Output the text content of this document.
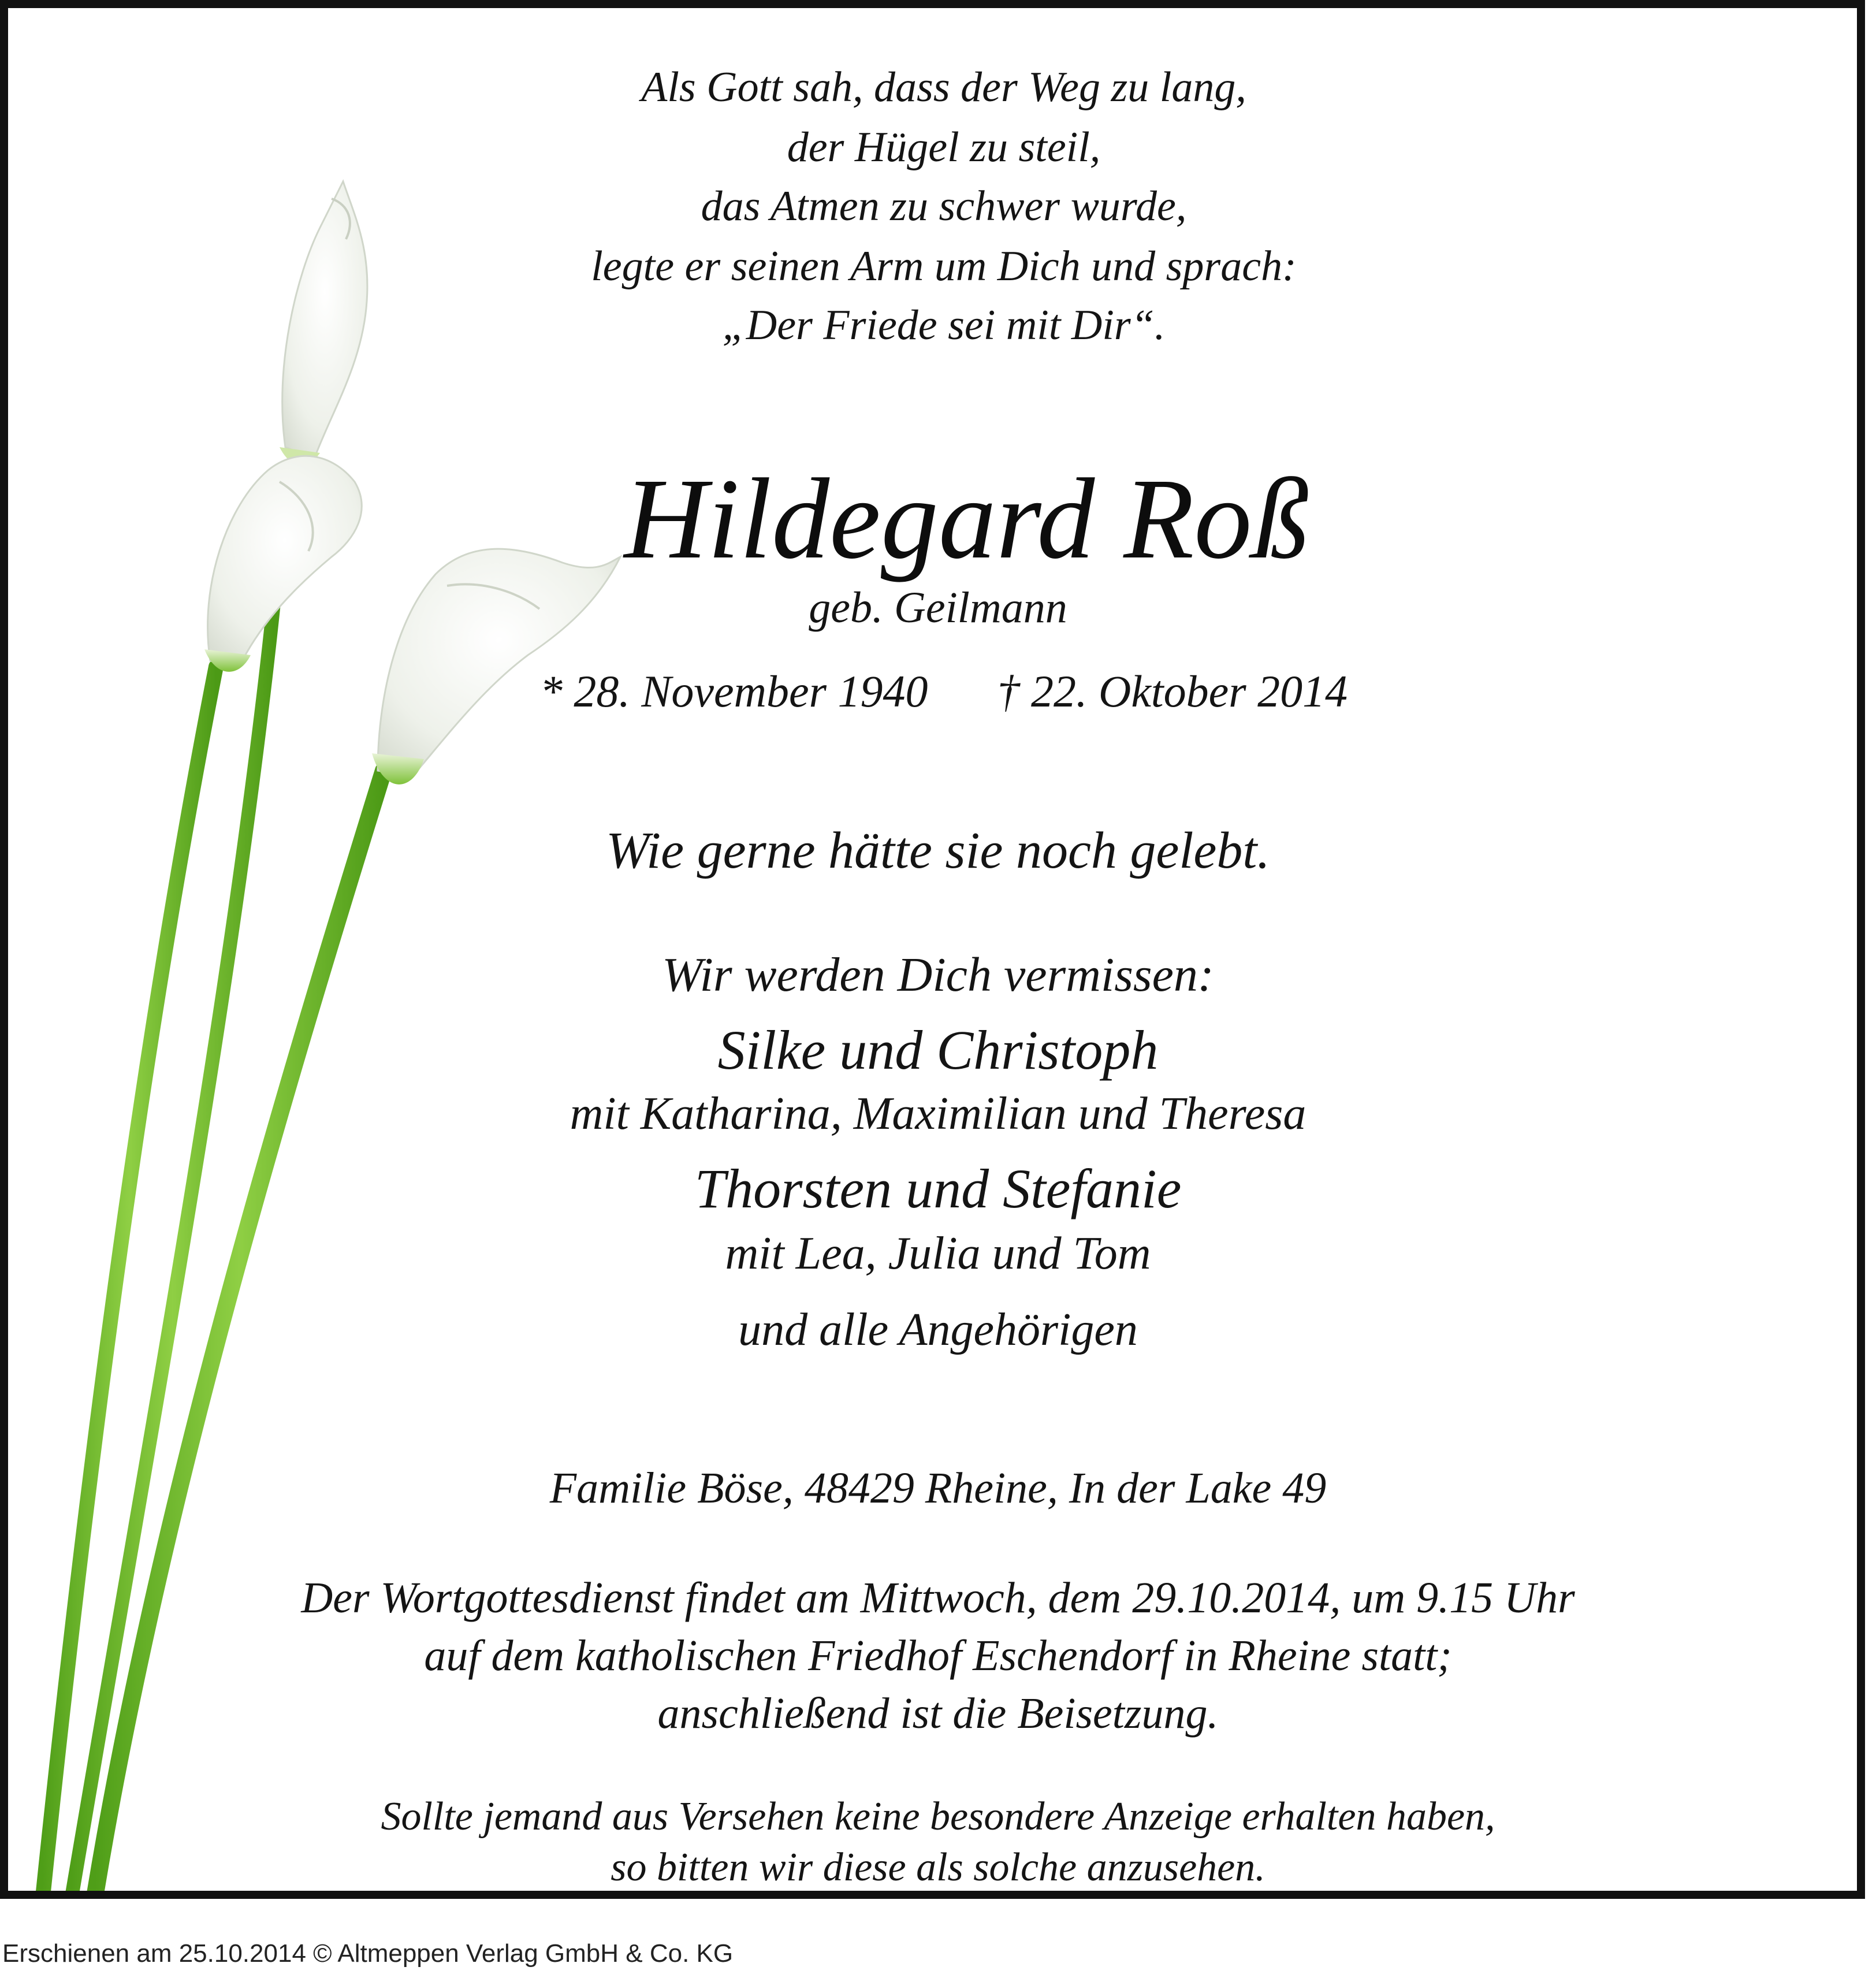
Als Gott sah, dass der Weg zu lang,
der Hügel zu steil,
das Atmen zu schwer wurde,
legte er seinen Arm um Dich und sprach:
„Der Friede sei mit Dir“.
Hildegard Roß
geb. Geilmann
* 28. November 1940 † 22. Oktober 2014
Wie gerne hätte sie noch gelebt.
Wir werden Dich vermissen:
Silke und Christoph
mit Katharina, Maximilian und Theresa
Thorsten und Stefanie
mit Lea, Julia und Tom
und alle Angehörigen
Familie Böse, 48429 Rheine, In der Lake 49
Der Wortgottesdienst findet am Mittwoch, dem 29.10.2014, um 9.15 Uhr
auf dem katholischen Friedhof Eschendorf in Rheine statt;
anschließend ist die Beisetzung.
Sollte jemand aus Versehen keine besondere Anzeige erhalten haben,
so bitten wir diese als solche anzusehen.
Erschienen am 25.10.2014 © Altmeppen Verlag GmbH & Co. KG
